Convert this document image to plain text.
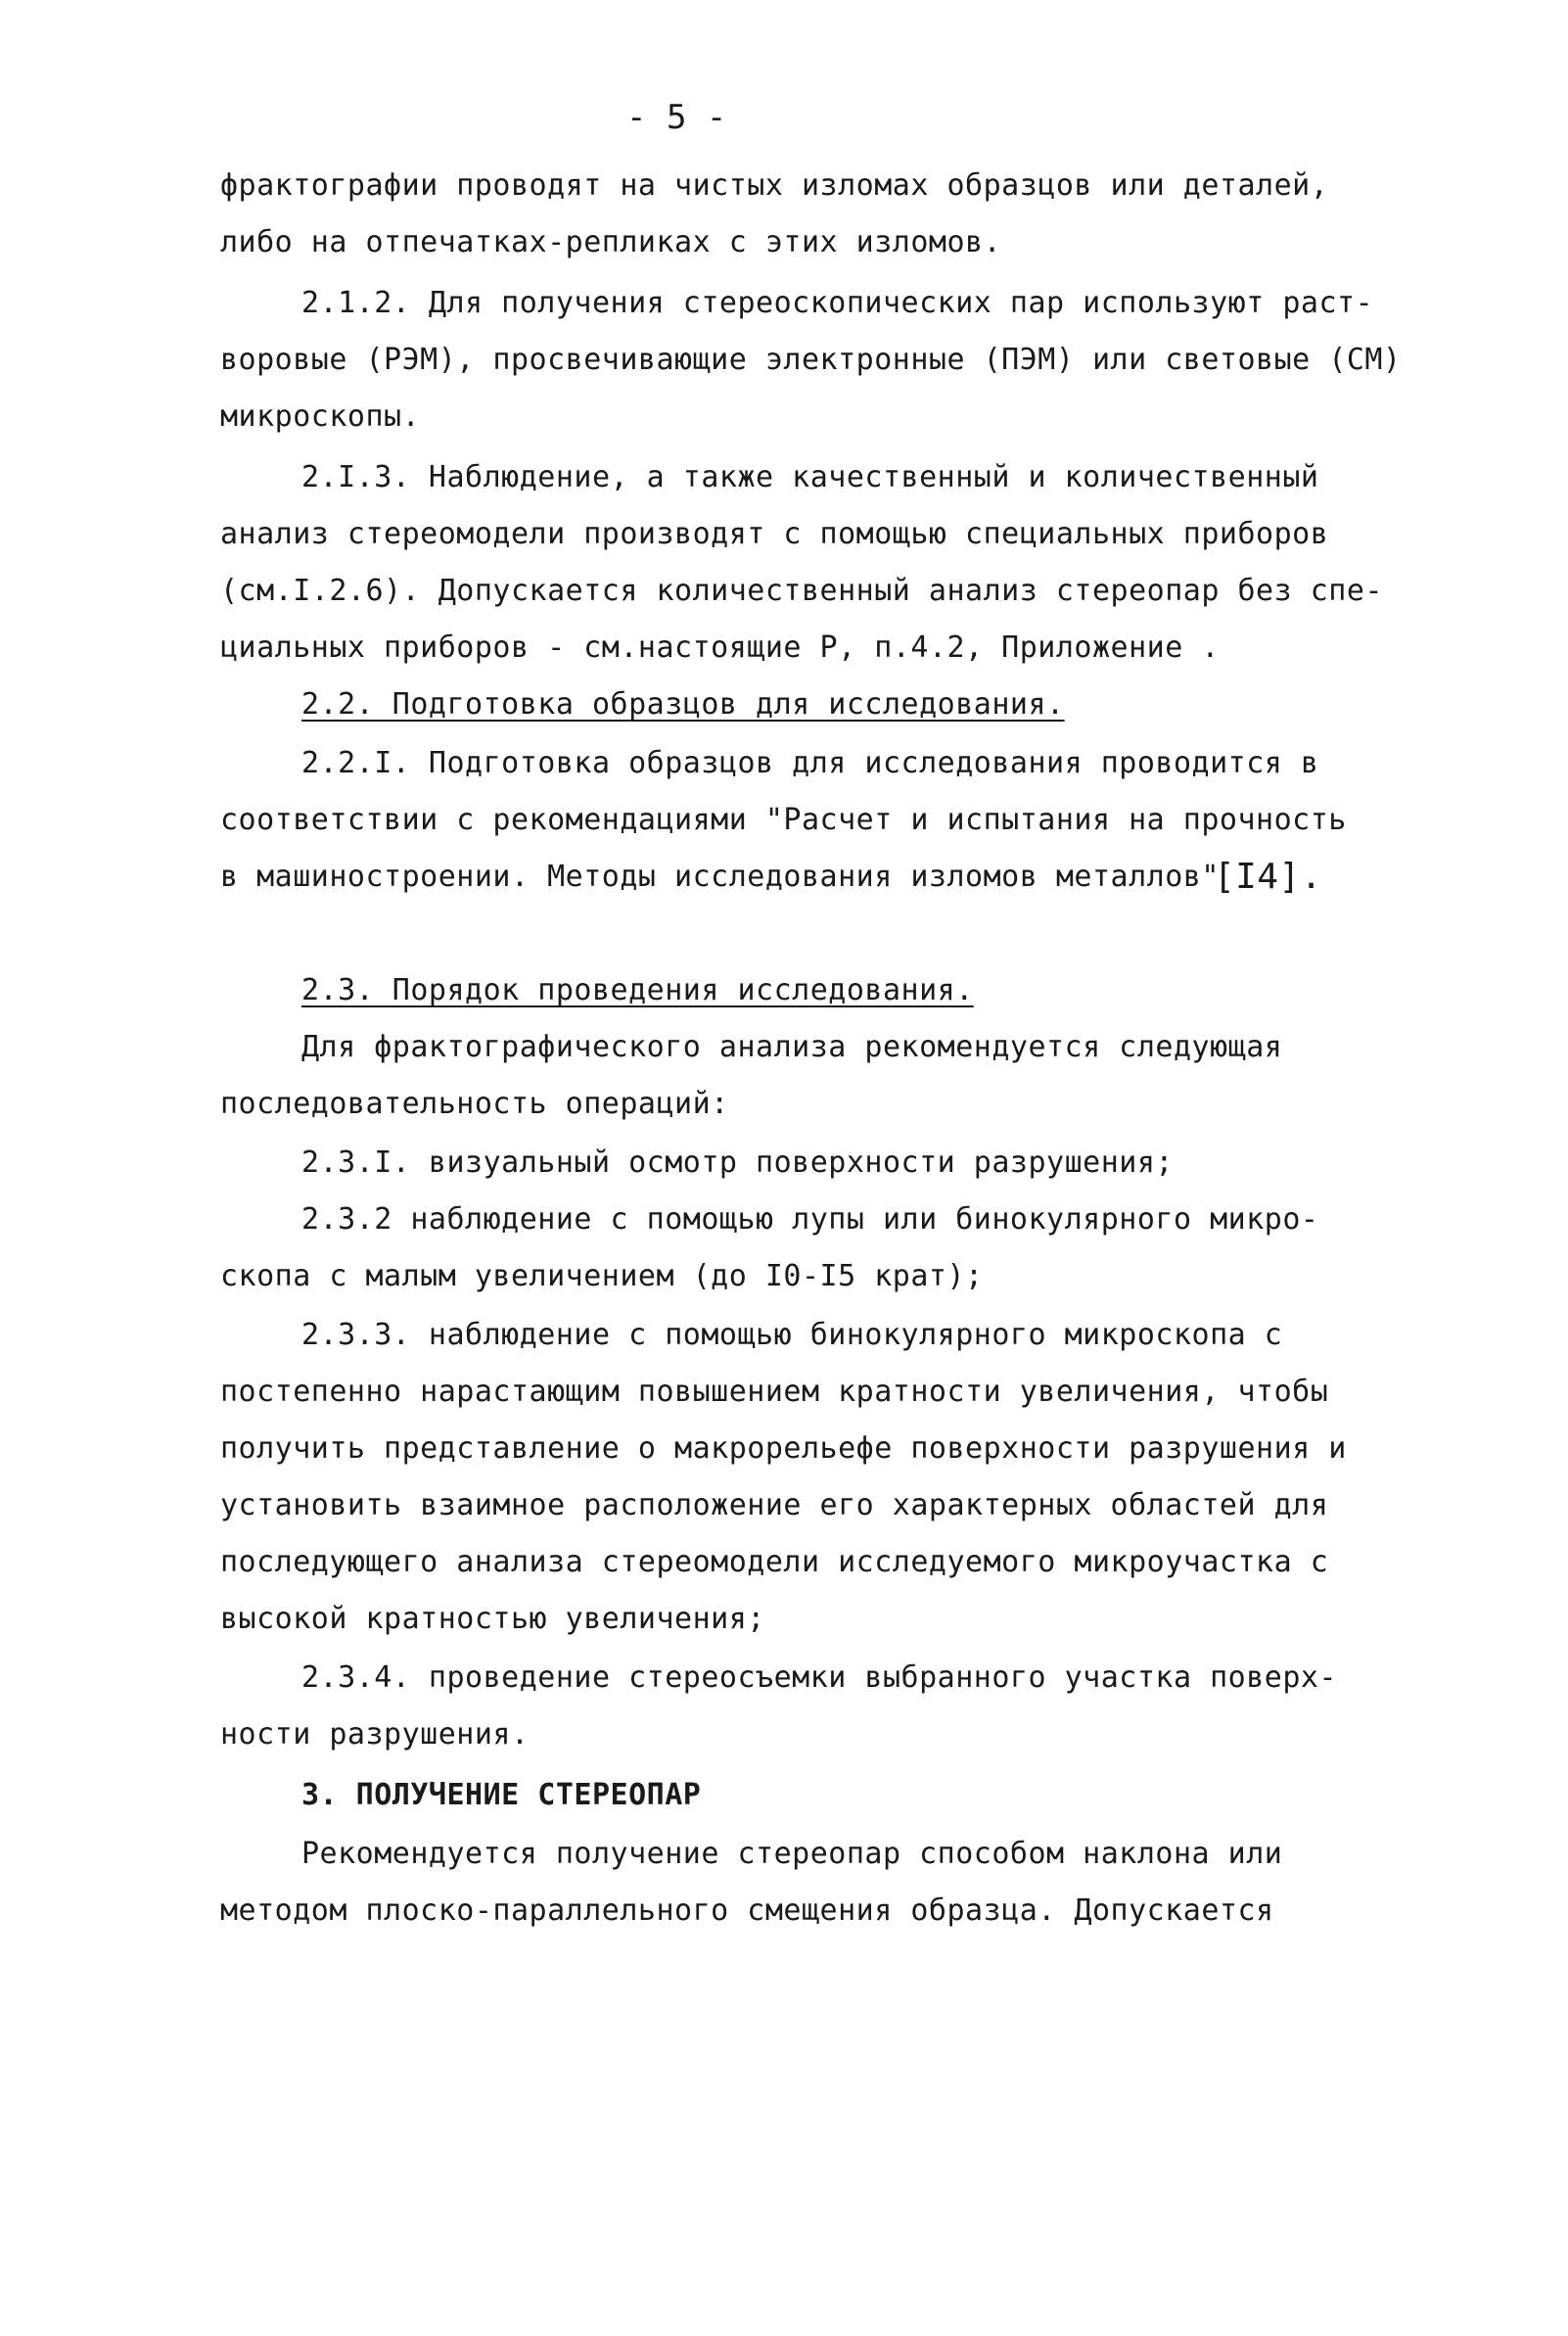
- 5 -
фрактографии проводят на чистых изломах образцов или деталей,
либо на отпечатках-репликах с этих изломов.
2.1.2. Для получения стереоскопических пар используют раст-
воровые (РЭМ), просвечивающие электронные (ПЭМ) или световые (СМ)
микроскопы.
2.I.3. Наблюдение, а также качественный и количественный
анализ стереомодели производят с помощью специальных приборов
(см.I.2.6). Допускается количественный анализ стереопар без спе-
циальных приборов - см.настоящие Р, п.4.2, Приложение .
2.2. Подготовка образцов для исследования.
2.2.I. Подготовка образцов для исследования проводится в
соответствии с рекомендациями "Расчет и испытания на прочность
в машиностроении. Методы исследования изломов металлов"
[I4].
2.3. Порядок проведения исследования.
Для фрактографического анализа рекомендуется следующая
последовательность операций:
2.3.I. визуальный осмотр поверхности разрушения;
2.3.2 наблюдение с помощью лупы или бинокулярного микро-
скопа с малым увеличением (до I0-I5 крат);
2.3.3. наблюдение с помощью бинокулярного микроскопа с
постепенно нарастающим повышением кратности увеличения, чтобы
получить представление о макрорельефе поверхности разрушения и
установить взаимное расположение его характерных областей для
последующего анализа стереомодели исследуемого микроучастка с
высокой кратностью увеличения;
2.3.4. проведение стереосъемки выбранного участка поверх-
ности разрушения.
3. ПОЛУЧЕНИЕ СТЕРЕОПАР
Рекомендуется получение стереопар способом наклона или
методом плоско-параллельного смещения образца. Допускается
